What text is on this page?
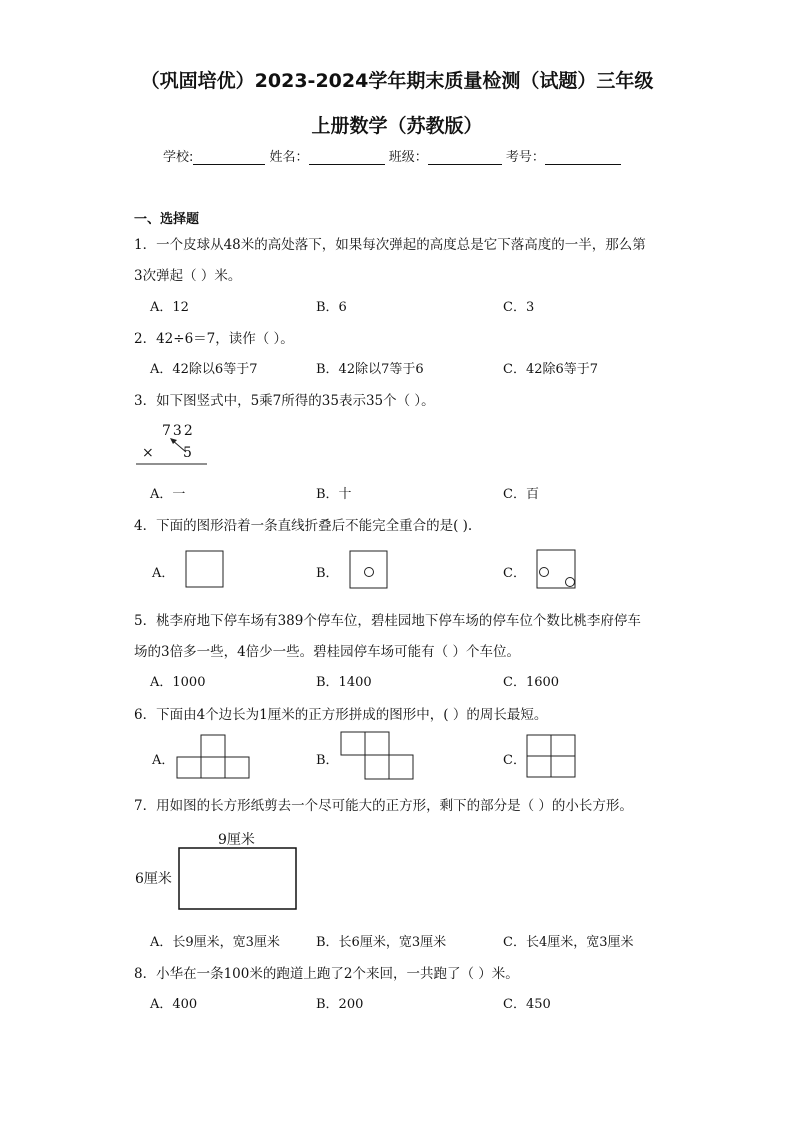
（巩固培优）2023-2024学年期末质量检测（试题）三年级
上册数学（苏教版）
学校:	姓名：	班级：	考号：
一、选择题
1．一个皮球从48米的高处落下，如果每次弹起的高度总是它下落高度的一半，那么第
3次弹起（ ）米。
A．12	B．6	C．3
2．42÷6＝7，读作（ ）。
A．42除以6等于7	B．42除以7等于6	C．42除6等于7
3．如下图竖式中，5乘7所得的35表示35个（ ）。
732
× 5
A．一	B．十	C．百
4．下面的图形沿着一条直线折叠后不能完全重合的是( ).
A．	B．	C．
5．桃李府地下停车场有389个停车位，碧桂园地下停车场的停车位个数比桃李府停车
场的3倍多一些，4倍少一些。碧桂园停车场可能有（ ）个车位。
A．1000	B．1400	C．1600
6．下面由4个边长为1厘米的正方形拼成的图形中，( ）的周长最短。
A．	B．	C．
7．用如图的长方形纸剪去一个尽可能大的正方形，剩下的部分是（ ）的小长方形。
9厘米
6厘米
A．长9厘米，宽3厘米	B．长6厘米，宽3厘米	C．长4厘米，宽3厘米
8．小华在一条100米的跑道上跑了2个来回，一共跑了（ ）米。
A．400	B．200	C．450
